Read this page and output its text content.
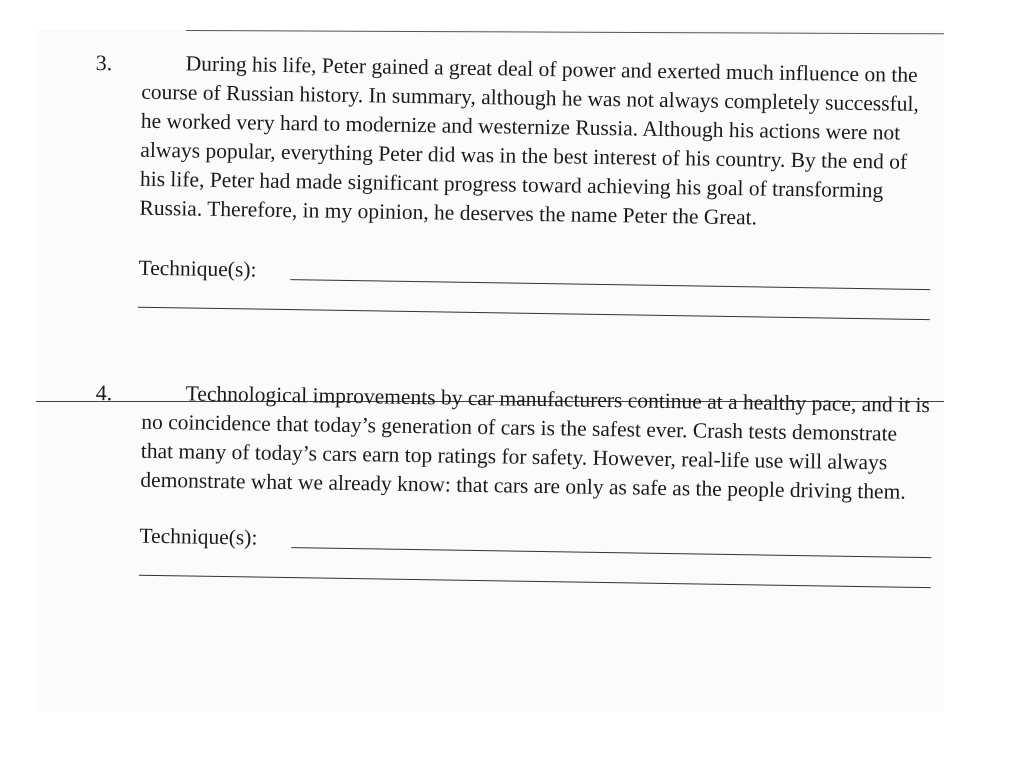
3.	During his life, Peter gained a great deal of power and exerted much influence on the course of Russian history. In summary, although he was not always completely successful, he worked very hard to modernize and westernize Russia. Although his actions were not always popular, everything Peter did was in the best interest of his country. By the end of his life, Peter had made significant progress toward achieving his goal of transforming Russia. Therefore, in my opinion, he deserves the name Peter the Great.
Technique(s):
4.	Technological improvements by car manufacturers continue at a healthy pace, and it is no coincidence that today’s generation of cars is the safest ever. Crash tests demonstrate that many of today’s cars earn top ratings for safety. However, real-life use will always demonstrate what we already know: that cars are only as safe as the people driving them.
Technique(s):
